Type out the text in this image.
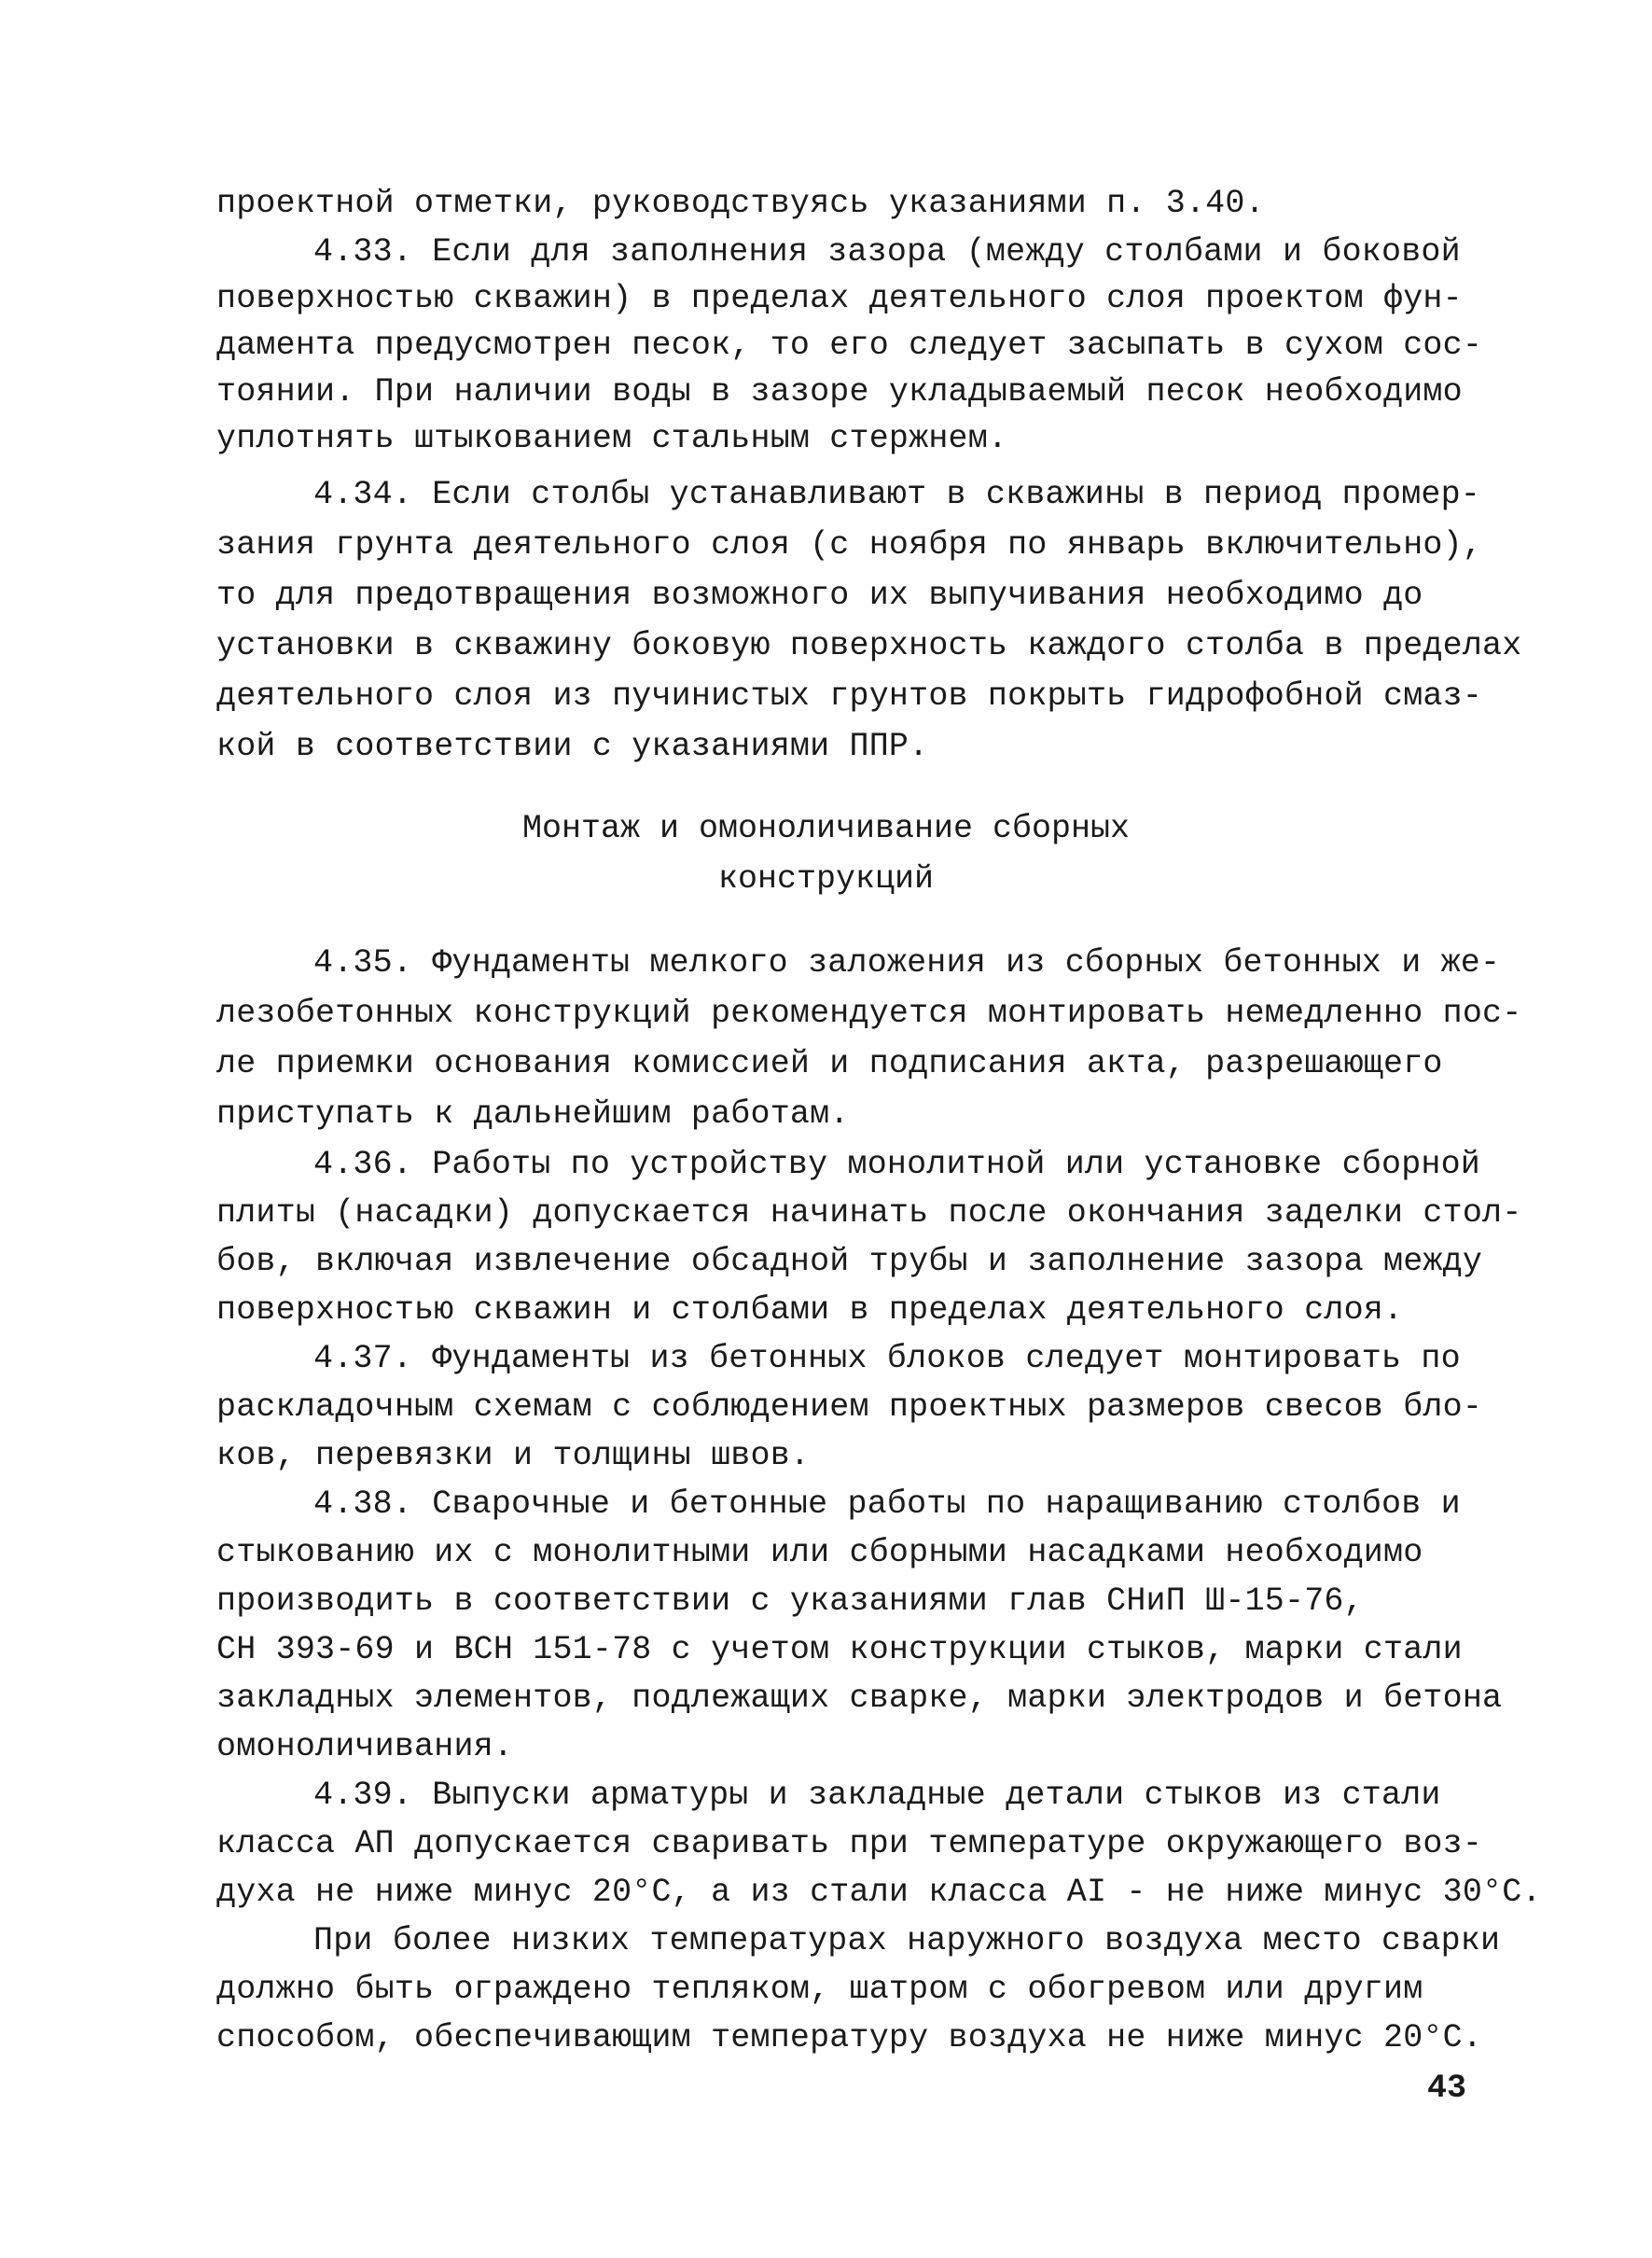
проектной отметки, руководствуясь указаниями п. 3.40.
4.33. Если для заполнения зазора (между столбами и боковой
поверхностью скважин) в пределах деятельного слоя проектом фун-
дамента предусмотрен песок, то его следует засыпать в сухом сос-
тоянии. При наличии воды в зазоре укладываемый песок необходимо
уплотнять штыкованием стальным стержнем.
4.34. Если столбы устанавливают в скважины в период промер-
зания грунта деятельного слоя (с ноября по январь включительно),
то для предотвращения возможного их выпучивания необходимо до
установки в скважину боковую поверхность каждого столба в пределах
деятельного слоя из пучинистых грунтов покрыть гидрофобной смаз-
кой в соответствии с указаниями ППР.
Монтаж и омоноличивание сборных
конструкций
4.35. Фундаменты мелкого заложения из сборных бетонных и же-
лезобетонных конструкций рекомендуется монтировать немедленно пос-
ле приемки основания комиссией и подписания акта, разрешающего
приступать к дальнейшим работам.
4.36. Работы по устройству монолитной или установке сборной
плиты (насадки) допускается начинать после окончания заделки стол-
бов, включая извлечение обсадной трубы и заполнение зазора между
поверхностью скважин и столбами в пределах деятельного слоя.
4.37. Фундаменты из бетонных блоков следует монтировать по
раскладочным схемам с соблюдением проектных размеров свесов бло-
ков, перевязки и толщины швов.
4.38. Сварочные и бетонные работы по наращиванию столбов и
стыкованию их с монолитными или сборными насадками необходимо
производить в соответствии с указаниями глав СНиП Ш-15-76,
СН 393-69 и ВСН 151-78 с учетом конструкции стыков, марки стали
закладных элементов, подлежащих сварке, марки электродов и бетона
омоноличивания.
4.39. Выпуски арматуры и закладные детали стыков из стали
класса АП допускается сваривать при температуре окружающего воз-
духа не ниже минус 20°С, а из стали класса АI - не ниже минус 30°С.
При более низких температурах наружного воздуха место сварки
должно быть ограждено тепляком, шатром с обогревом или другим
способом, обеспечивающим температуру воздуха не ниже минус 20°С.
43
